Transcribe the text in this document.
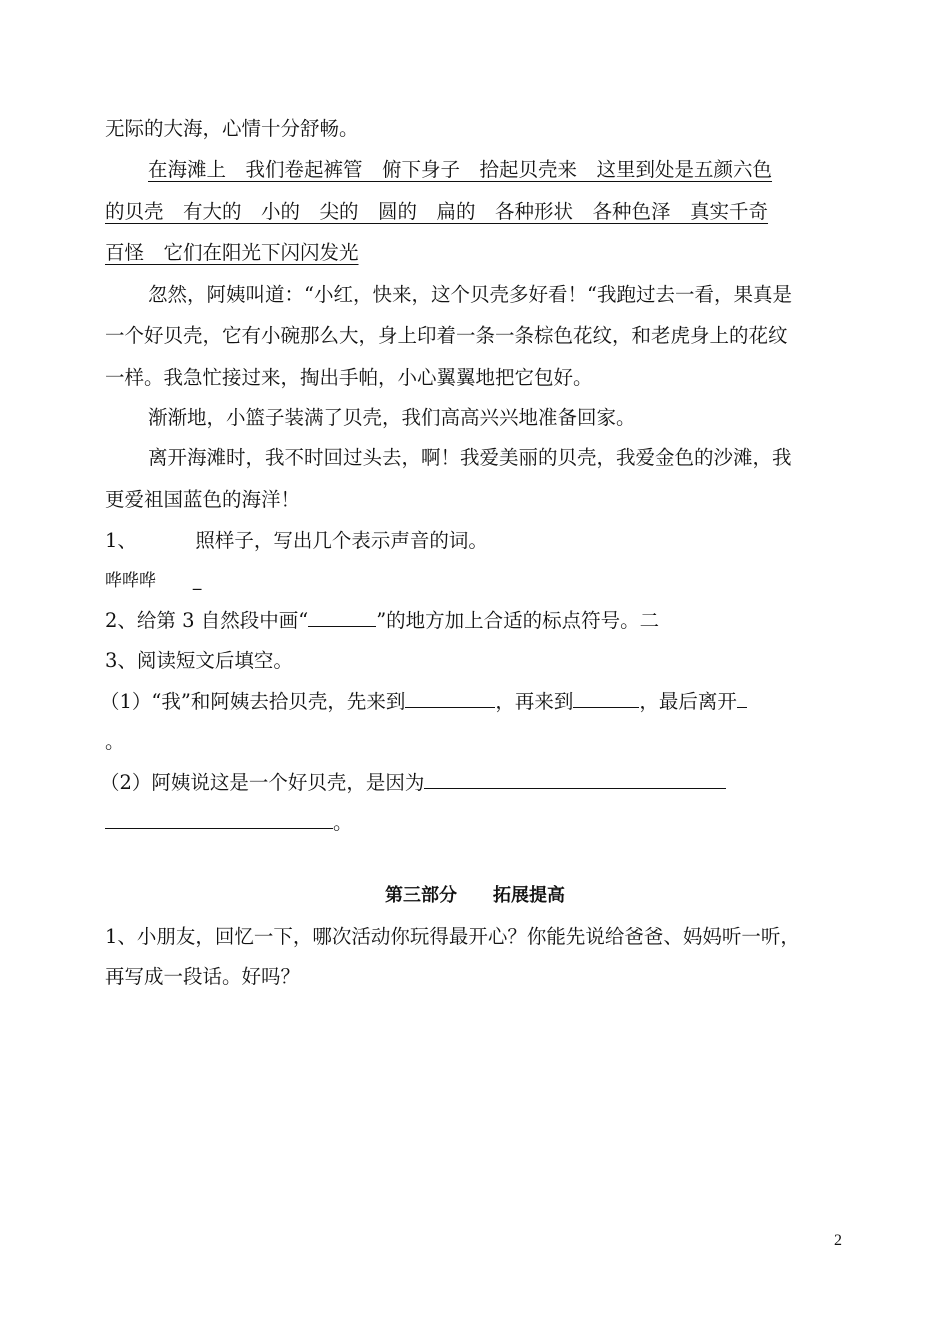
无际的大海，心情十分舒畅。
在海滩上　我们卷起裤管　俯下身子　拾起贝壳来　这里到处是五颜六色
的贝壳　有大的　小的　尖的　圆的　扁的　各种形状　各种色泽　真实千奇
百怪　它们在阳光下闪闪发光
忽然，阿姨叫道：“小红，快来，这个贝壳多好看！“我跑过去一看，果真是
一个好贝壳，它有小碗那么大，身上印着一条一条棕色花纹，和老虎身上的花纹
一样。我急忙接过来，掏出手帕，小心翼翼地把它包好。
渐渐地，小篮子装满了贝壳，我们高高兴兴地准备回家。
离开海滩时，我不时回过头去，啊！我爱美丽的贝壳，我爱金色的沙滩，我
更爱祖国蓝色的海洋！
1、	照样子，写出几个表示声音的词。
哗哗哗 _
2、给第 3 自然段中画“	”的地方加上合适的标点符号。二
3、阅读短文后填空。
（1）“我”和阿姨去拾贝壳，先来到	，再来到	，最后离开
。
（2）阿姨说这是一个好贝壳，是因为
。
第三部分　　拓展提高
1、小朋友，回忆一下，哪次活动你玩得最开心？你能先说给爸爸、妈妈听一听，
再写成一段话。好吗？
2
